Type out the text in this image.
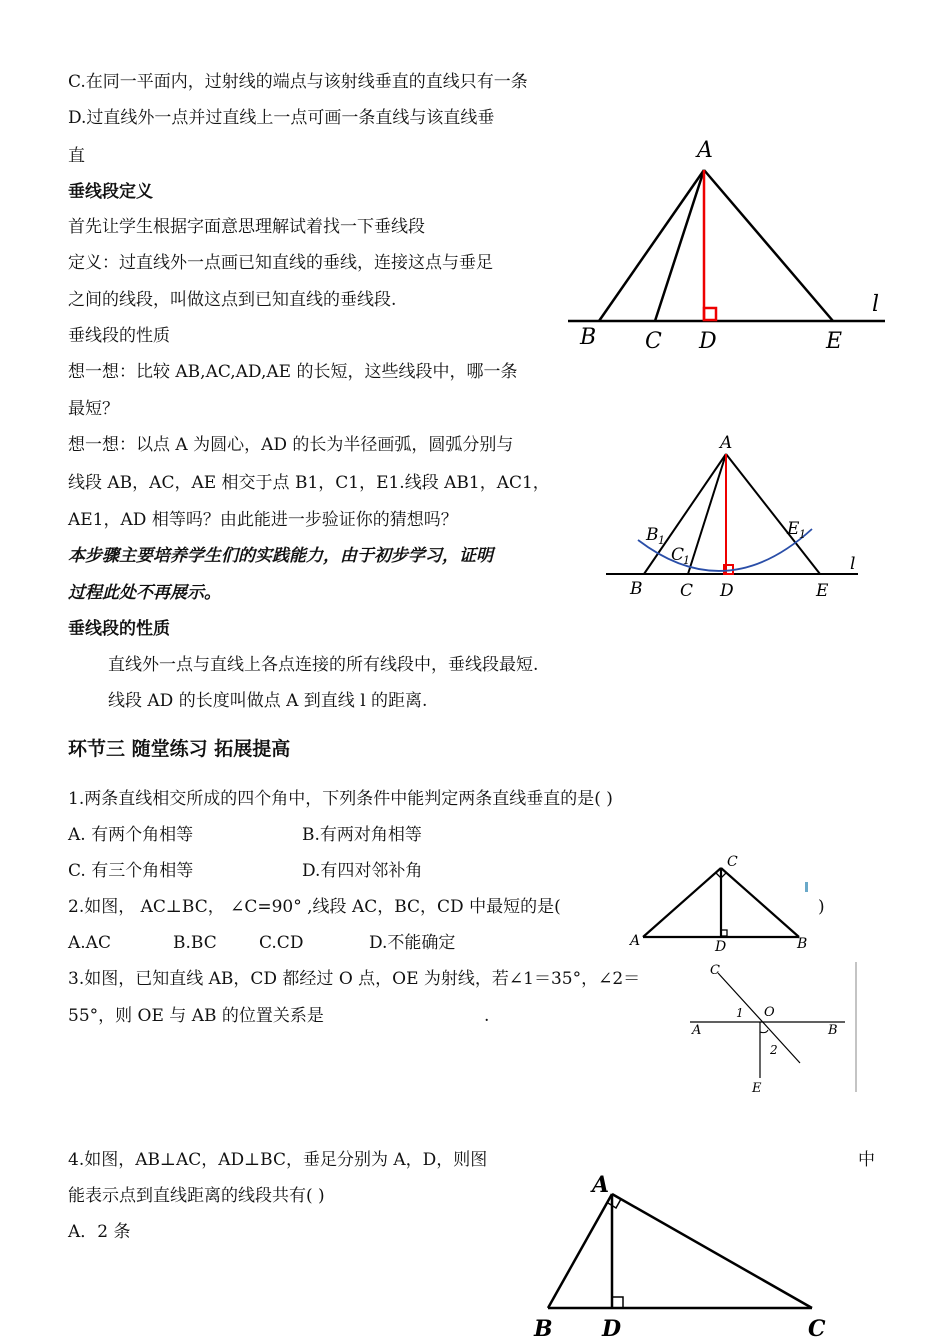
C.在同一平面内，过射线的端点与该射线垂直的直线只有一条
D.过直线外一点并过直线上一点可画一条直线与该直线垂
直
垂线段定义
首先让学生根据字面意思理解试着找一下垂线段
定义：过直线外一点画已知直线的垂线，连接这点与垂足
之间的线段，叫做这点到已知直线的垂线段.
垂线段的性质
想一想：比较 AB,AC,AD,AE 的长短，这些线段中，哪一条
最短？
想一想：以点 A 为圆心，AD 的长为半径画弧，圆弧分别与
线段 AB，AC，AE 相交于点 B1，C1，E1.线段 AB1，AC1，
AE1，AD 相等吗？由此能进一步验证你的猜想吗？
本步骤主要培养学生们的实践能力，由于初步学习，证明
过程此处不再展示。
垂线段的性质
直线外一点与直线上各点连接的所有线段中，垂线段最短.
线段 AD 的长度叫做点 A 到直线 l 的距离.
环节三 随堂练习 拓展提高
1.两条直线相交所成的四个角中，下列条件中能判定两条直线垂直的是( )
A. 有两个角相等	B.有两对角相等
C. 有三个角相等	D.有四对邻补角
2.如图， AC⊥BC， ∠C=90° ,线段 AC，BC，CD 中最短的是(	)
A.AC	B.BC C.CD	D.不能确定
3.如图，已知直线 AB，CD 都经过 O 点，OE 为射线，若∠1＝35°，∠2＝
55°，则 OE 与 AB 的位置关系是	.
4.如图，AB⊥AC，AD⊥BC，垂足分别为 A，D，则图	中
能表示点到直线距离的线段共有( )
A．2 条
A
B C D	E
l
A
B C D	E
l
B 1
C
1
E 1
C
A	D	B
C
O
1
A	B
2
E
A
B D	C
